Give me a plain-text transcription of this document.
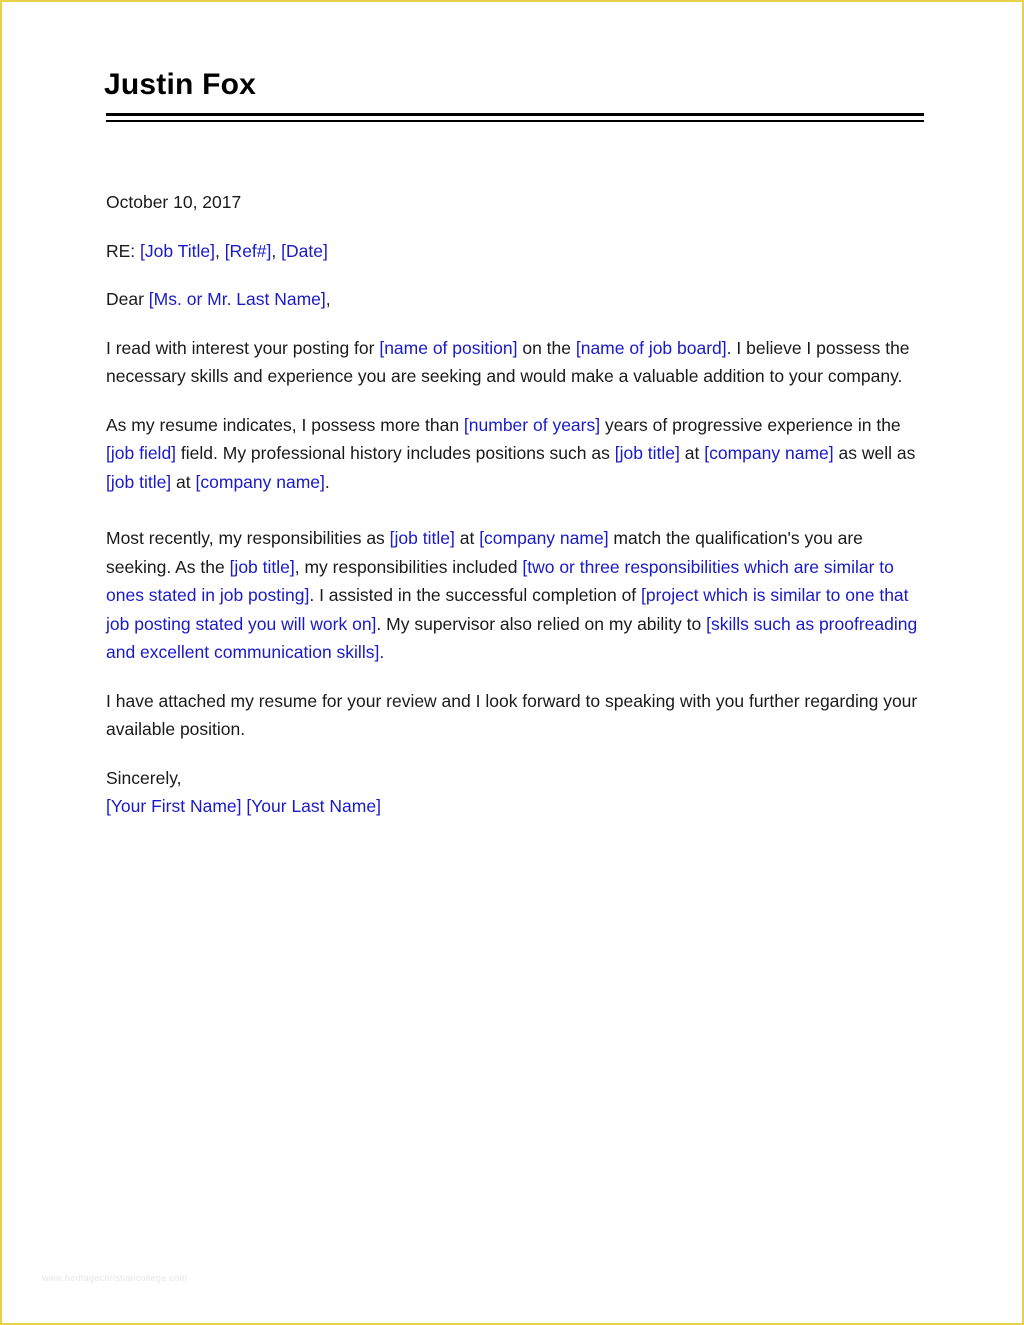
Justin Fox

October 10, 2017

RE: [Job Title], [Ref#], [Date]

Dear [Ms. or Mr. Last Name],

I read with interest your posting for [name of position] on the [name of job board]. I believe I possess the necessary skills and experience you are seeking and would make a valuable addition to your company.

As my resume indicates, I possess more than [number of years] years of progressive experience in the [job field] field. My professional history includes positions such as [job title] at [company name] as well as [job title] at [company name].

Most recently, my responsibilities as [job title] at [company name] match the qualification's you are seeking. As the [job title], my responsibilities included [two or three responsibilities which are similar to ones stated in job posting]. I assisted in the successful completion of [project which is similar to one that job posting stated you will work on]. My supervisor also relied on my ability to [skills such as proofreading and excellent communication skills].

I have attached my resume for your review and I look forward to speaking with you further regarding your available position.

Sincerely,

[Your First Name] [Your Last Name]

www.heritagechristiancollege.com
